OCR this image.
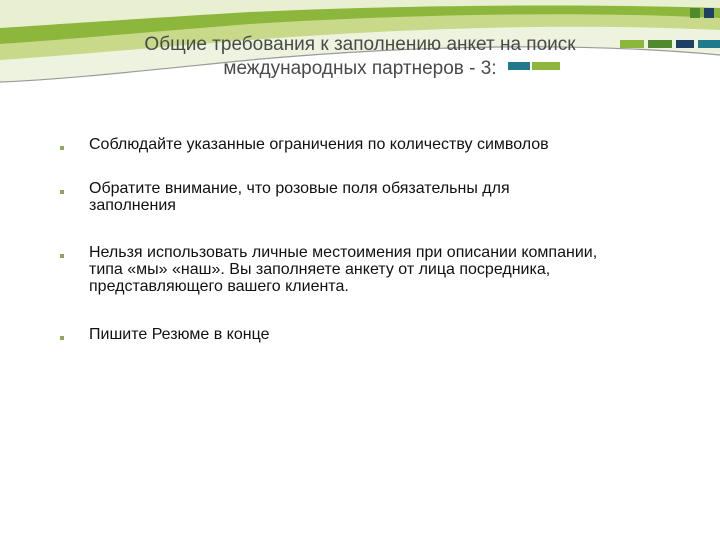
Общие требования к заполнению анкет на поиск
международных партнеров - 3:
Соблюдайте указанные ограничения по количеству символов
Обратите внимание, что розовые поля обязательны для заполнения
Нельзя использовать личные местоимения при описании компании, типа «мы» «наш». Вы заполняете анкету от лица посредника, представляющего вашего клиента.
Пишите Резюме в конце
